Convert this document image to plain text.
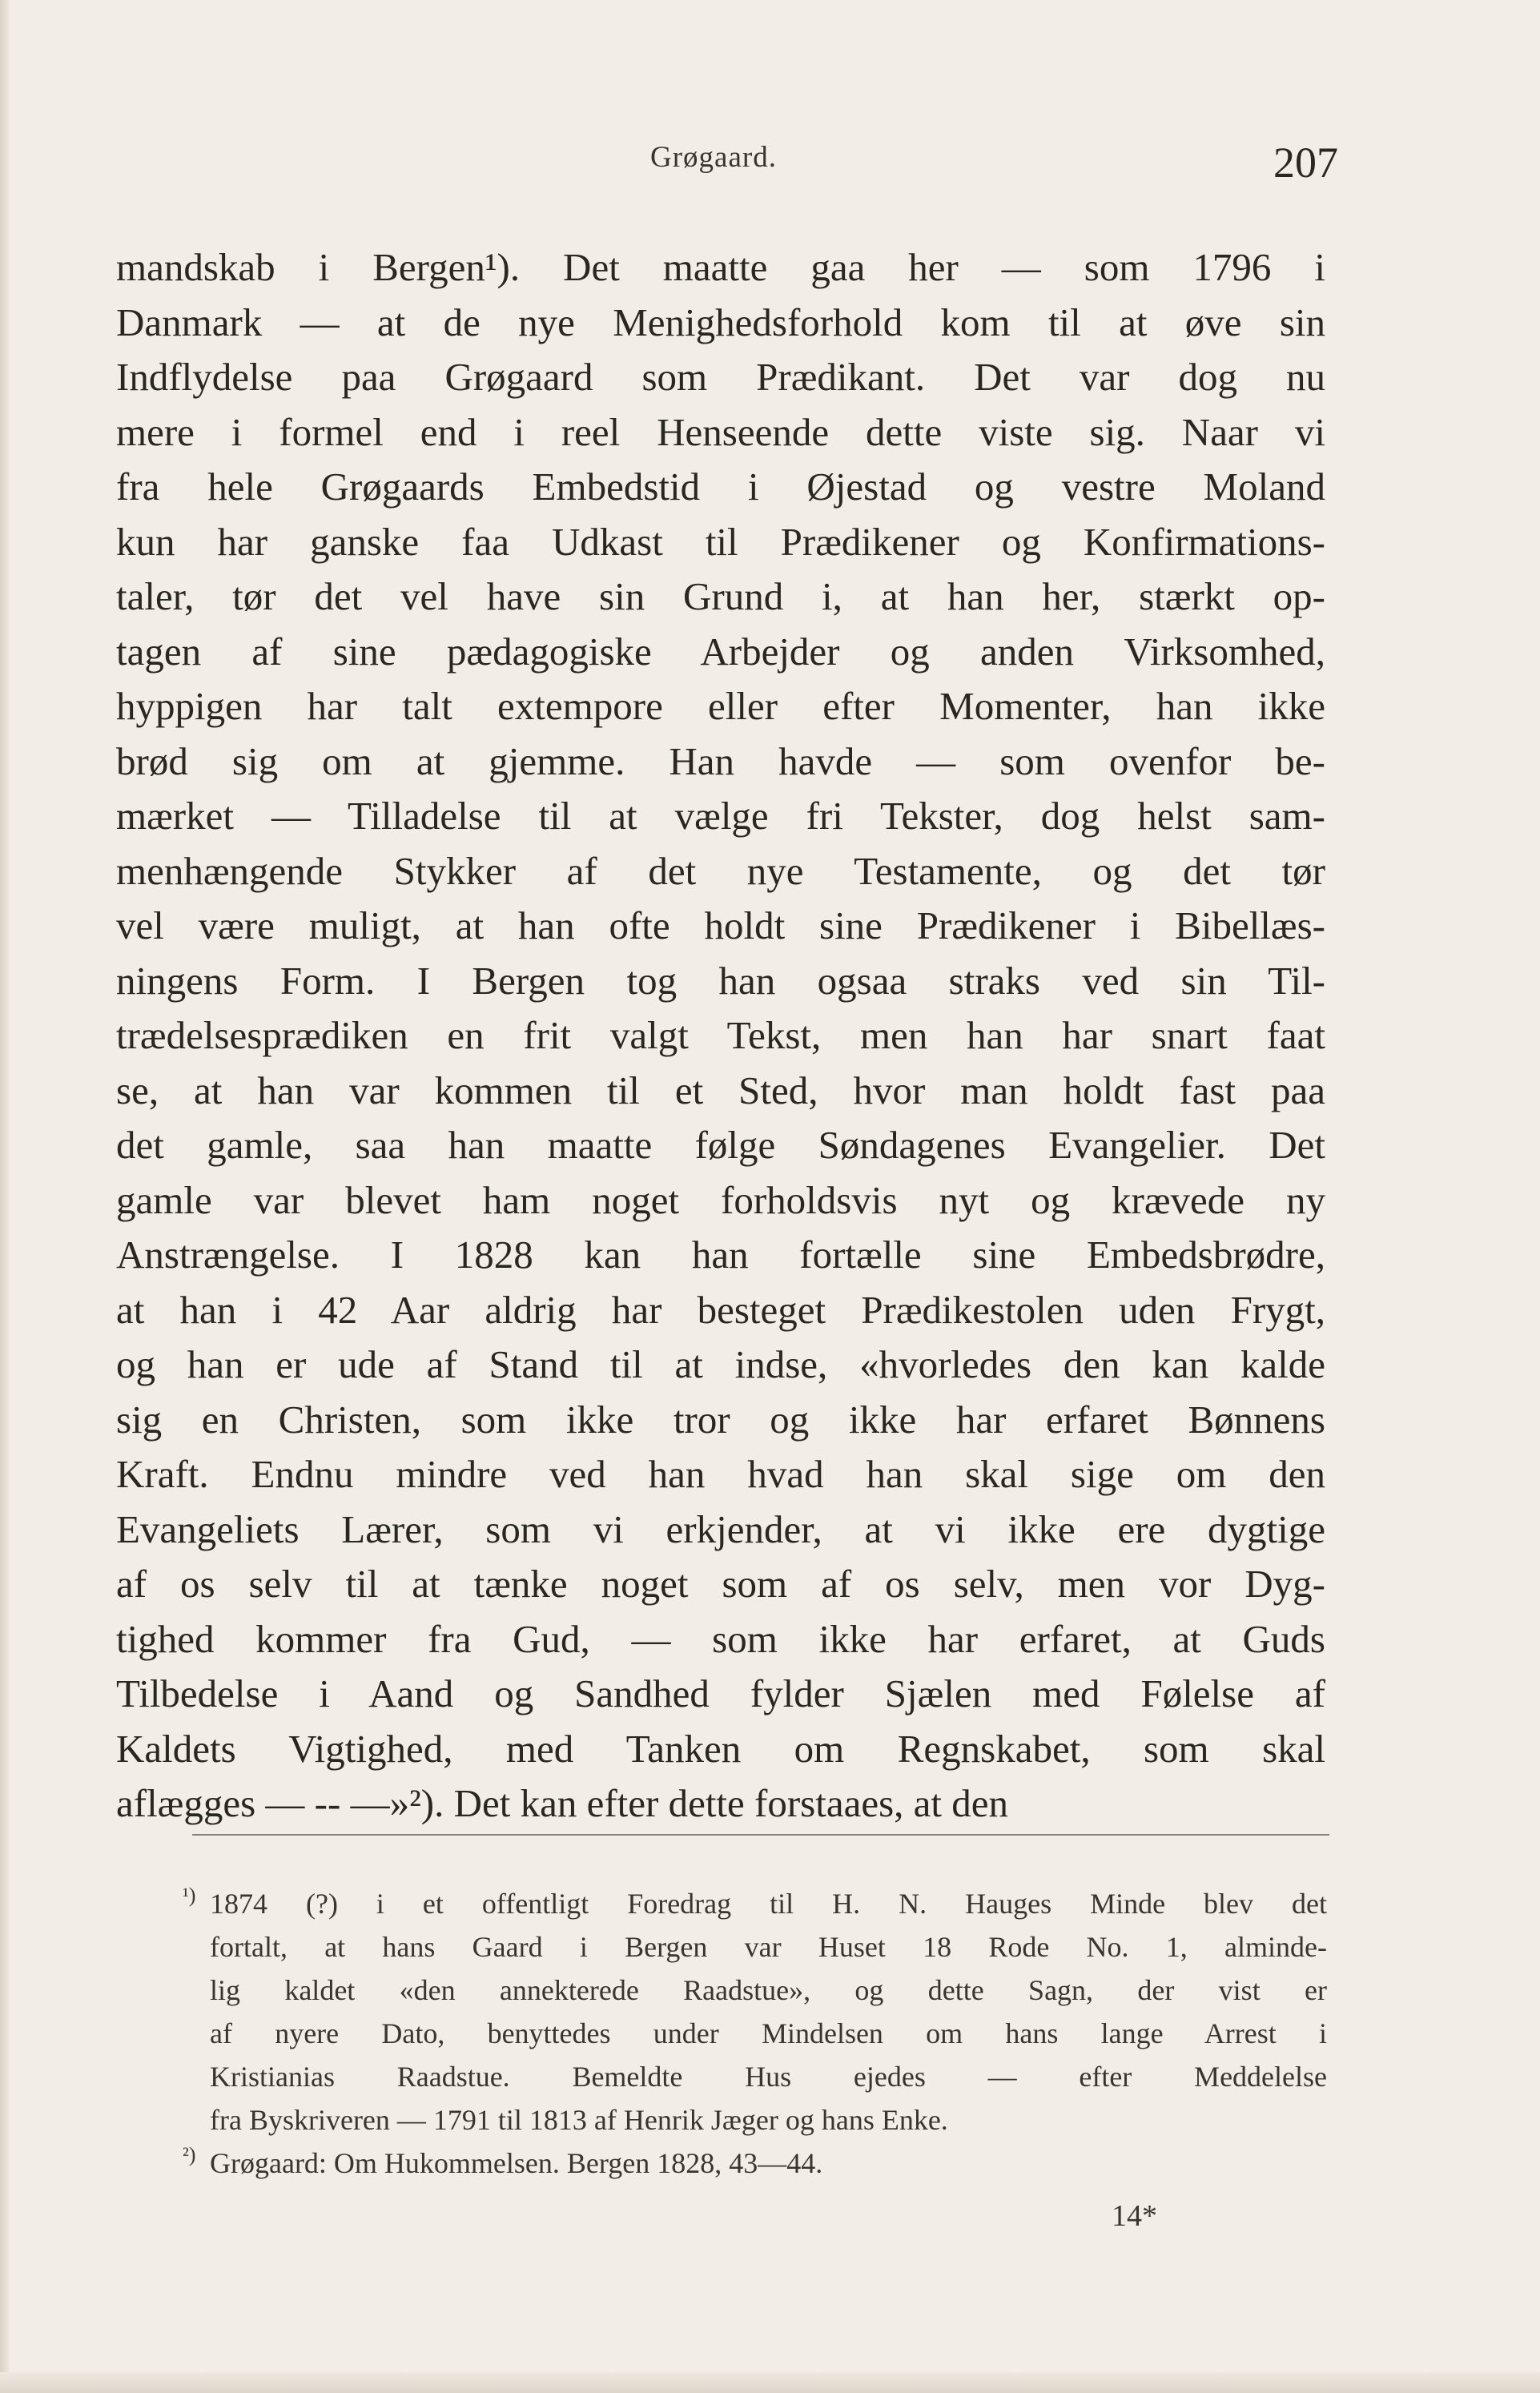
Grøgaard.	207
mandskab i Bergen¹). Det maatte gaa her — som 1796 i
Danmark — at de nye Menighedsforhold kom til at øve sin
Indflydelse paa Grøgaard som Prædikant. Det var dog nu
mere i formel end i reel Henseende dette viste sig. Naar vi
fra hele Grøgaards Embedstid i Øjestad og vestre Moland
kun har ganske faa Udkast til Prædikener og Konfirmations-
taler, tør det vel have sin Grund i, at han her, stærkt op-
tagen af sine pædagogiske Arbejder og anden Virksomhed,
hyppigen har talt extempore eller efter Momenter, han ikke
brød sig om at gjemme. Han havde — som ovenfor be-
mærket — Tilladelse til at vælge fri Tekster, dog helst sam-
menhængende Stykker af det nye Testamente, og det tør
vel være muligt, at han ofte holdt sine Prædikener i Bibellæs-
ningens Form. I Bergen tog han ogsaa straks ved sin Til-
trædelsesprædiken en frit valgt Tekst, men han har snart faat
se, at han var kommen til et Sted, hvor man holdt fast paa
det gamle, saa han maatte følge Søndagenes Evangelier. Det
gamle var blevet ham noget forholdsvis nyt og krævede ny
Anstrængelse. I 1828 kan han fortælle sine Embedsbrødre,
at han i 42 Aar aldrig har besteget Prædikestolen uden Frygt,
og han er ude af Stand til at indse, «hvorledes den kan kalde
sig en Christen, som ikke tror og ikke har erfaret Bønnens
Kraft. Endnu mindre ved han hvad han skal sige om den
Evangeliets Lærer, som vi erkjender, at vi ikke ere dygtige
af os selv til at tænke noget som af os selv, men vor Dyg-
tighed kommer fra Gud, — som ikke har erfaret, at Guds
Tilbedelse i Aand og Sandhed fylder Sjælen med Følelse af
Kaldets Vigtighed, med Tanken om Regnskabet, som skal
aflægges — -- —»²). Det kan efter dette forstaaes, at den
¹)
²)
1874 (?) i et offentligt Foredrag til H. N. Hauges Minde blev det
fortalt, at hans Gaard i Bergen var Huset 18 Rode No. 1, alminde-
lig kaldet «den annekterede Raadstue», og dette Sagn, der vist er
af nyere Dato, benyttedes under Mindelsen om hans lange Arrest i
Kristianias Raadstue. Bemeldte Hus ejedes — efter Meddelelse
fra Byskriveren — 1791 til 1813 af Henrik Jæger og hans Enke.
Grøgaard: Om Hukommelsen. Bergen 1828, 43—44.
14*
